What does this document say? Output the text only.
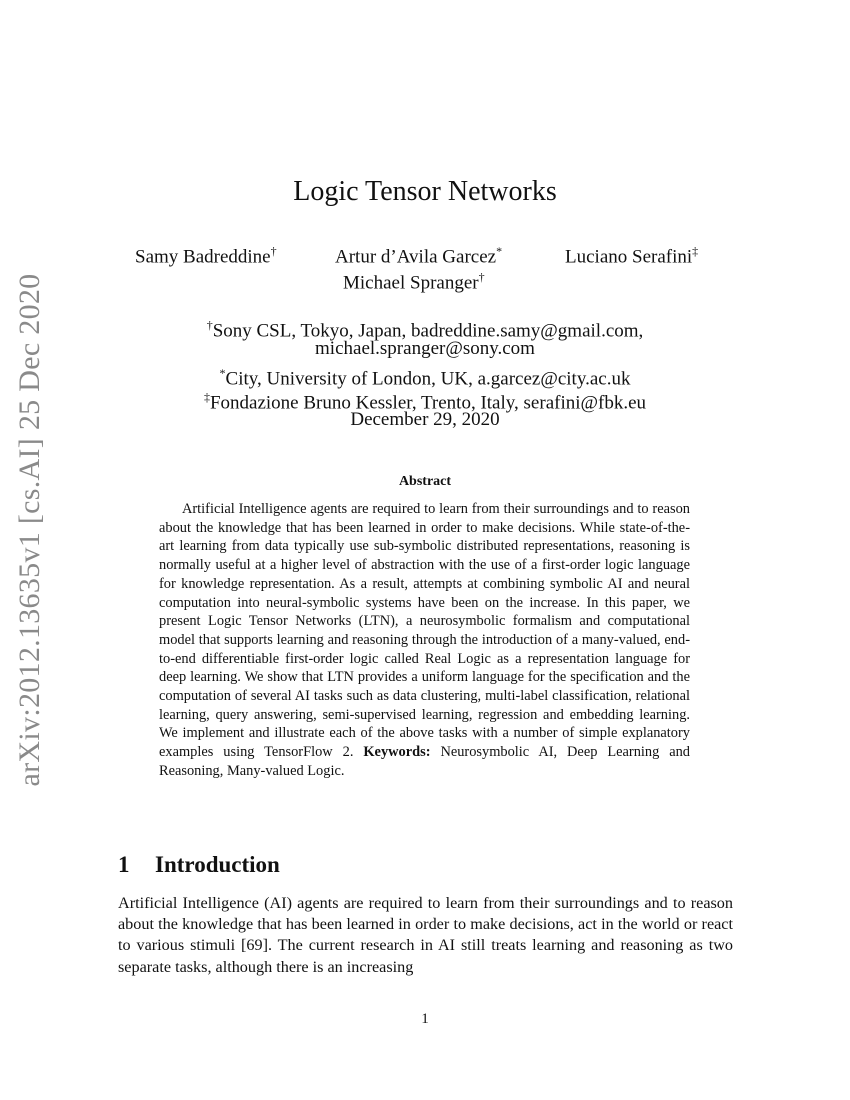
arXiv:2012.13635v1 [cs.AI] 25 Dec 2020
Logic Tensor Networks
Samy Badreddine†	Artur d’Avila Garcez*	Luciano Serafini‡
Michael Spranger†
†Sony CSL, Tokyo, Japan, badreddine.samy@gmail.com,
michael.spranger@sony.com
*City, University of London, UK, a.garcez@city.ac.uk
‡Fondazione Bruno Kessler, Trento, Italy, serafini@fbk.eu
December 29, 2020
Abstract
Artificial Intelligence agents are required to learn from their surroundings and to reason about the knowledge that has been learned in order to make decisions. While state-of-the-art learning from data typically use sub-symbolic distributed representations, reasoning is normally useful at a higher level of abstraction with the use of a first-order logic language for knowledge representation. As a result, attempts at combining symbolic AI and neural computation into neural-symbolic systems have been on the increase. In this paper, we present Logic Tensor Networks (LTN), a neurosymbolic formalism and computational model that supports learning and reasoning through the introduction of a many-valued, end-to-end differentiable first-order logic called Real Logic as a representation language for deep learning. We show that LTN provides a uniform language for the specification and the computation of several AI tasks such as data clustering, multi-label classification, relational learning, query answering, semi-supervised learning, regression and embedding learning. We implement and illustrate each of the above tasks with a number of simple explanatory examples using TensorFlow 2. Keywords: Neurosymbolic AI, Deep Learning and Reasoning, Many-valued Logic.
1 Introduction
Artificial Intelligence (AI) agents are required to learn from their surroundings and to reason about the knowledge that has been learned in order to make decisions, act in the world or react to various stimuli [69]. The current research in AI still treats learning and reasoning as two separate tasks, although there is an increasing
1
